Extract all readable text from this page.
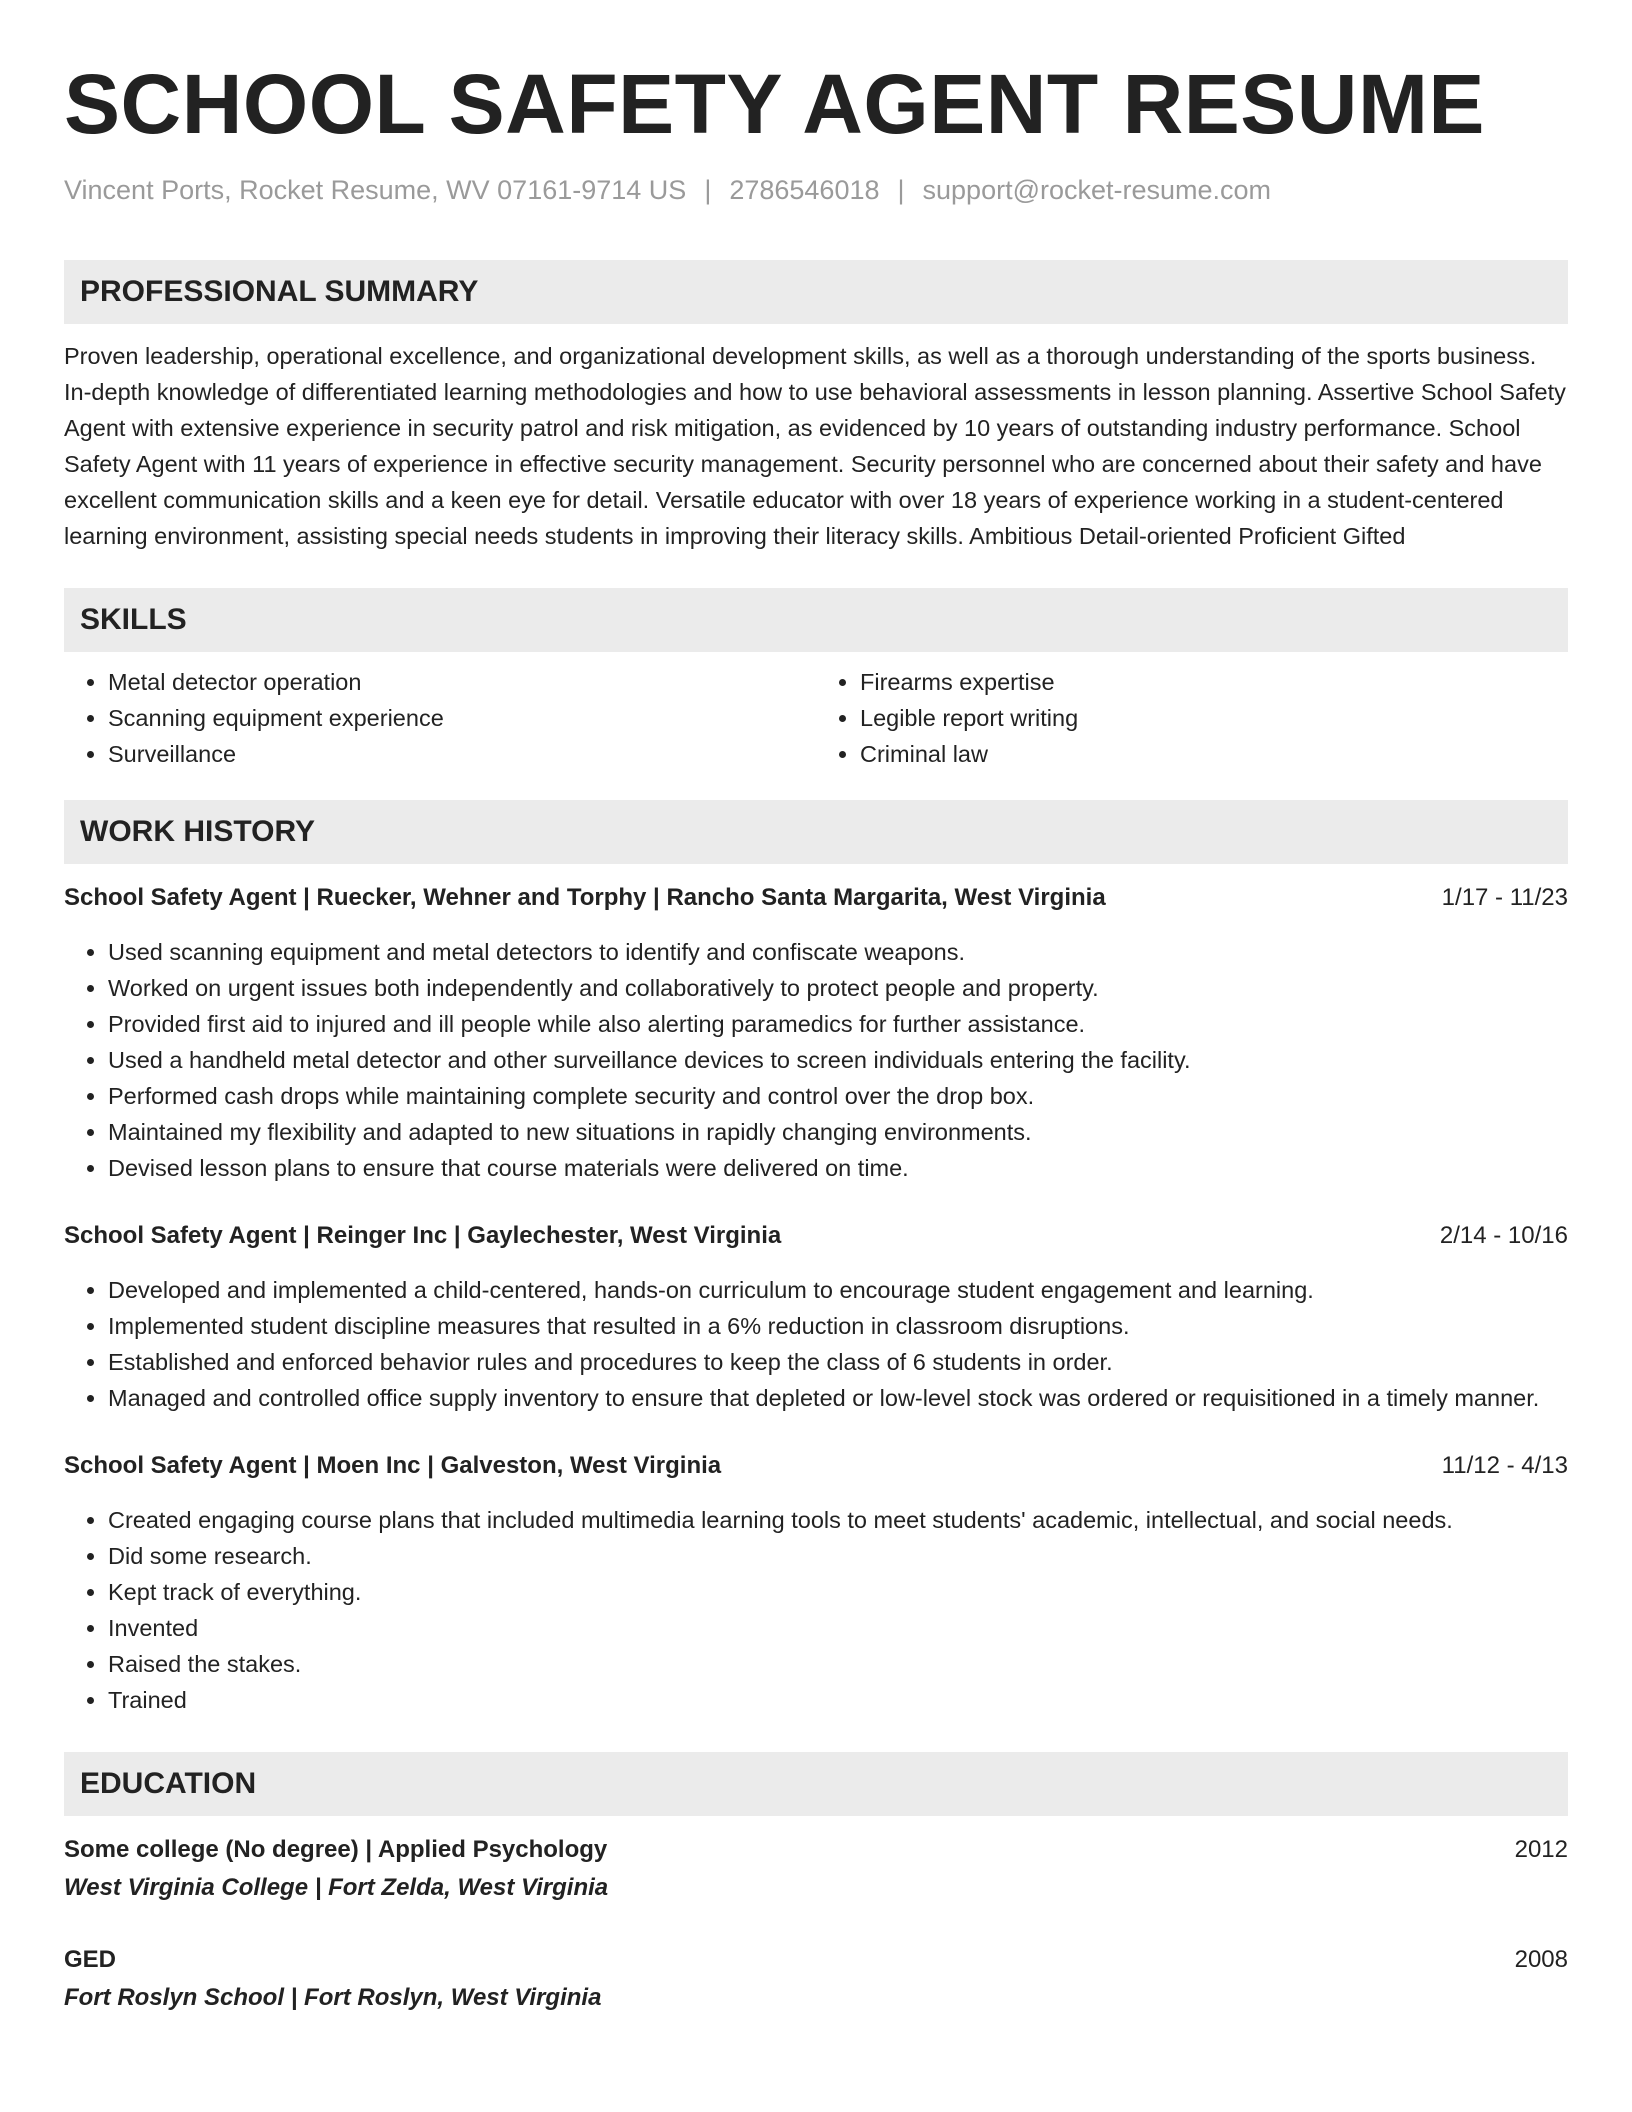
SCHOOL SAFETY AGENT RESUME
Vincent Ports, Rocket Resume, WV 07161-9714 US | 2786546018 | support@rocket-resume.com
PROFESSIONAL SUMMARY
Proven leadership, operational excellence, and organizational development skills, as well as a thorough understanding of the sports business. In-depth knowledge of differentiated learning methodologies and how to use behavioral assessments in lesson planning. Assertive School Safety Agent with extensive experience in security patrol and risk mitigation, as evidenced by 10 years of outstanding industry performance. School Safety Agent with 11 years of experience in effective security management. Security personnel who are concerned about their safety and have excellent communication skills and a keen eye for detail. Versatile educator with over 18 years of experience working in a student-centered learning environment, assisting special needs students in improving their literacy skills. Ambitious Detail-oriented Proficient Gifted
SKILLS
• Metal detector operation
• Scanning equipment experience
• Surveillance
• Firearms expertise
• Legible report writing
• Criminal law
WORK HISTORY
School Safety Agent | Ruecker, Wehner and Torphy | Rancho Santa Margarita, West Virginia	1/17 - 11/23
• Used scanning equipment and metal detectors to identify and confiscate weapons.
• Worked on urgent issues both independently and collaboratively to protect people and property.
• Provided first aid to injured and ill people while also alerting paramedics for further assistance.
• Used a handheld metal detector and other surveillance devices to screen individuals entering the facility.
• Performed cash drops while maintaining complete security and control over the drop box.
• Maintained my flexibility and adapted to new situations in rapidly changing environments.
• Devised lesson plans to ensure that course materials were delivered on time.
School Safety Agent | Reinger Inc | Gaylechester, West Virginia	2/14 - 10/16
• Developed and implemented a child-centered, hands-on curriculum to encourage student engagement and learning.
• Implemented student discipline measures that resulted in a 6% reduction in classroom disruptions.
• Established and enforced behavior rules and procedures to keep the class of 6 students in order.
• Managed and controlled office supply inventory to ensure that depleted or low-level stock was ordered or requisitioned in a timely manner.
School Safety Agent | Moen Inc | Galveston, West Virginia	11/12 - 4/13
• Created engaging course plans that included multimedia learning tools to meet students' academic, intellectual, and social needs.
• Did some research.
• Kept track of everything.
• Invented
• Raised the stakes.
• Trained
EDUCATION
Some college (No degree) | Applied Psychology	2012
West Virginia College | Fort Zelda, West Virginia
GED	2008
Fort Roslyn School | Fort Roslyn, West Virginia
